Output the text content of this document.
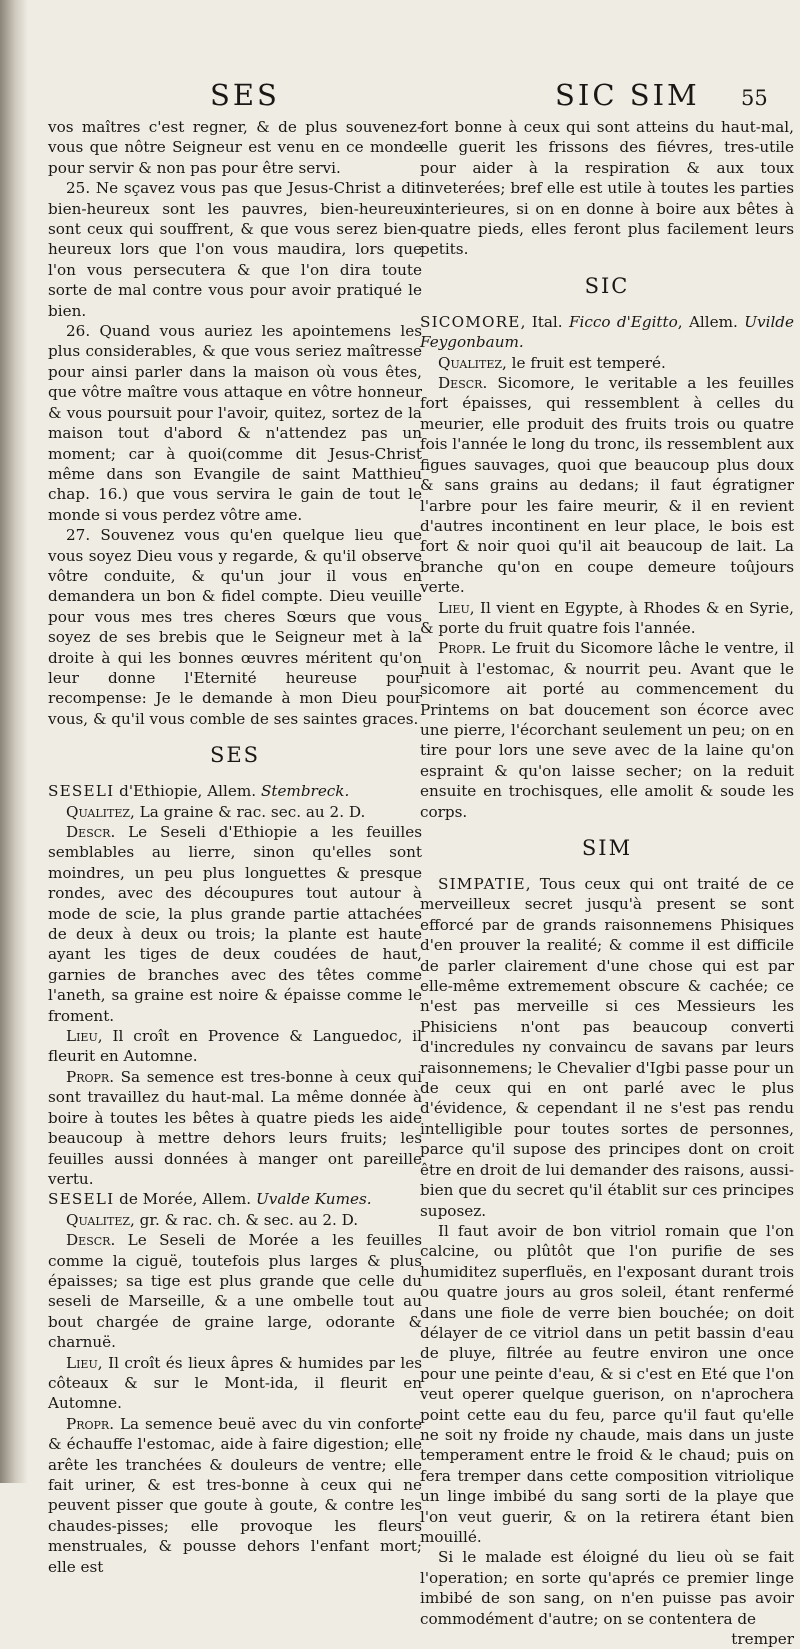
SES	SIC SIM 55

vos maîtres c'est regner, & de plus souvenez-vous que nôtre Seigneur est venu en ce monde pour servir & non pas pour être servi.

25. Ne sçavez vous pas que Jesus-Christ a dit bien-heureux sont les pauvres, bien-heureux sont ceux qui souffrent, & que vous serez bien-heureux lors que l'on vous maudira, lors que l'on vous persecutera & que l'on dira toute sorte de mal contre vous pour avoir pratiqué le bien.

26. Quand vous auriez les apointemens les plus considerables, & que vous seriez maîtresse pour ainsi parler dans la maison où vous êtes, que vôtre maître vous attaque en vôtre honneur & vous poursuit pour l'avoir, quitez, sortez de la maison tout d'abord & n'attendez pas un moment; car à quoi(comme dit Jesus-Christ même dans son Evangile de saint Matthieu chap. 16.) que vous servira le gain de tout le monde si vous perdez vôtre ame.

27. Souvenez vous qu'en quelque lieu que vous soyez Dieu vous y regarde, & qu'il observe vôtre conduite, & qu'un jour il vous en demandera un bon & fidel compte. Dieu veuille pour vous mes tres cheres Sœurs que vous soyez de ses brebis que le Seigneur met à la droite à qui les bonnes œuvres méritent qu'on leur donne l'Eternité heureuse pour recompense: Je le demande à mon Dieu pour vous, & qu'il vous comble de ses saintes graces.

SES

SESELI d'Ethiopie, Allem. Stembreck.

Qualitez, La graine & rac. sec. au 2. D.

Descr. Le Seseli d'Ethiopie a les feuilles semblables au lierre, sinon qu'elles sont moindres, un peu plus longuettes & presque rondes, avec des découpures tout autour à mode de scie, la plus grande partie attachées de deux à deux ou trois; la plante est haute ayant les tiges de deux coudées de haut, garnies de branches avec des têtes comme l'aneth, sa graine est noire & épaisse comme le froment.

Lieu, Il croît en Provence & Languedoc, il fleurit en Automne.

Propr. Sa semence est tres-bonne à ceux qui sont travaillez du haut-mal. La même donnée à boire à toutes les bêtes à quatre pieds les aide beaucoup à mettre dehors leurs fruits; les feuilles aussi données à manger ont pareille vertu.

SESELI de Morée, Allem. Uvalde Kumes.

Qualitez, gr. & rac. ch. & sec. au 2. D.

Descr. Le Seseli de Morée a les feuilles comme la ciguë, toutefois plus larges & plus épaisses; sa tige est plus grande que celle du seseli de Marseille, & a une ombelle tout au bout chargée de graine large, odorante & charnuë.

Lieu, Il croît és lieux âpres & humides par les côteaux & sur le Mont-ida, il fleurit en Automne.

Propr. La semence beuë avec du vin conforte & échauffe l'estomac, aide à faire digestion; elle arête les tranchées & douleurs de ventre; elle fait uriner, & est tres-bonne à ceux qui ne peuvent pisser que goute à goute, & contre les chaudes-pisses; elle provoque les fleurs menstruales, & pousse dehors l'enfant mort; elle est

fort bonne à ceux qui sont atteins du haut-mal, elle guerit les frissons des fiévres, tres-utile pour aider à la respiration & aux toux inveterées; bref elle est utile à toutes les parties interieures, si on en donne à boire aux bêtes à quatre pieds, elles feront plus facilement leurs petits.

SIC

SICOMORE, Ital. Ficco d'Egitto, Allem. Uvilde Feygonbaum.

Qualitez, le fruit est temperé.

Descr. Sicomore, le veritable a les feuilles fort épaisses, qui ressemblent à celles du meurier, elle produit des fruits trois ou quatre fois l'année le long du tronc, ils ressemblent aux figues sauvages, quoi que beaucoup plus doux & sans grains au dedans; il faut égratigner l'arbre pour les faire meurir, & il en revient d'autres incontinent en leur place, le bois est fort & noir quoi qu'il ait beaucoup de lait. La branche qu'on en coupe demeure toûjours verte.

Lieu, Il vient en Egypte, à Rhodes & en Syrie, & porte du fruit quatre fois l'année.

Propr. Le fruit du Sicomore lâche le ventre, il nuit à l'estomac, & nourrit peu. Avant que le sicomore ait porté au commencement du Printems on bat doucement son écorce avec une pierre, l'écorchant seulement un peu; on en tire pour lors une seve avec de la laine qu'on espraint & qu'on laisse secher; on la reduit ensuite en trochisques, elle amolit & soude les corps.

SIM

SIMPATIE, Tous ceux qui ont traité de ce merveilleux secret jusqu'à present se sont efforcé par de grands raisonnemens Phisiques d'en prouver la realité; & comme il est difficile de parler clairement d'une chose qui est par elle-même extremement obscure & cachée; ce n'est pas merveille si ces Messieurs les Phisiciens n'ont pas beaucoup converti d'incredules ny convaincu de savans par leurs raisonnemens; le Chevalier d'Igbi passe pour un de ceux qui en ont parlé avec le plus d'évidence, & cependant il ne s'est pas rendu intelligible pour toutes sortes de personnes, parce qu'il supose des principes dont on croit être en droit de lui demander des raisons, aussi-bien que du secret qu'il établit sur ces principes suposez.

Il faut avoir de bon vitriol romain que l'on calcine, ou plûtôt que l'on purifie de ses humiditez superfluës, en l'exposant durant trois ou quatre jours au gros soleil, étant renfermé dans une fiole de verre bien bouchée; on doit délayer de ce vitriol dans un petit bassin d'eau de pluye, filtrée au feutre environ une once pour une peinte d'eau, & si c'est en Eté que l'on veut operer quelque guerison, on n'aprochera point cette eau du feu, parce qu'il faut qu'elle ne soit ny froide ny chaude, mais dans un juste temperament entre le froid & le chaud; puis on fera tremper dans cette composition vitriolique un linge imbibé du sang sorti de la playe que l'on veut guerir, & on la retirera étant bien mouillé.

Si le malade est éloigné du lieu où se fait l'operation; en sorte qu'aprés ce premier linge imbibé de son sang, on n'en puisse pas avoir commodément d'autre; on se contentera de

tremper
